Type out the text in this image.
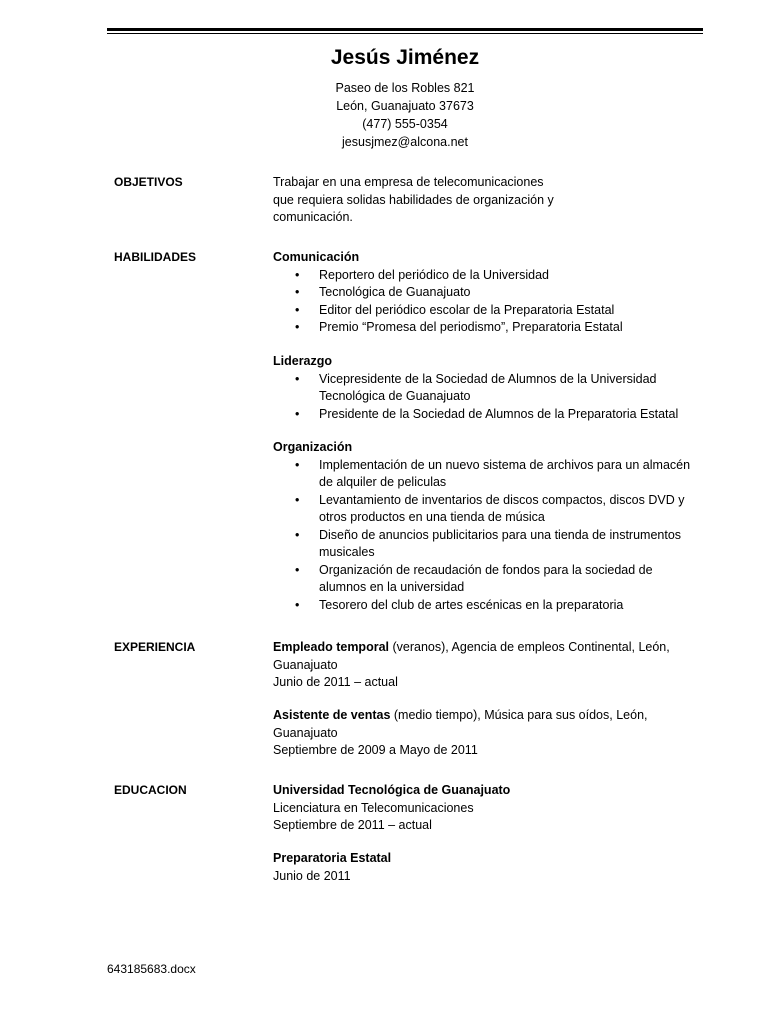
Jesús Jiménez
Paseo de los Robles 821
León, Guanajuato 37673
(477) 555-0354
jesusjmez@alcona.net
OBJETIVOS	Trabajar en una empresa de telecomunicaciones
que requiera solidas habilidades de organización y
comunicación.
HABILIDADES	Comunicación
• Reportero del periódico de la Universidad
• Tecnológica de Guanajuato
• Editor del periódico escolar de la Preparatoria Estatal
• Premio “Promesa del periodismo”, Preparatoria Estatal
Liderazgo
• Vicepresidente de la Sociedad de Alumnos de la Universidad
Tecnológica de Guanajuato
• Presidente de la Sociedad de Alumnos de la Preparatoria Estatal
Organización
• Implementación de un nuevo sistema de archivos para un almacén
de alquiler de peliculas
• Levantamiento de inventarios de discos compactos, discos DVD y
otros productos en una tienda de música
• Diseño de anuncios publicitarios para una tienda de instrumentos
musicales
• Organización de recaudación de fondos para la sociedad de
alumnos en la universidad
• Tesorero del club de artes escénicas en la preparatoria
EXPERIENCIA	Empleado temporal (veranos), Agencia de empleos Continental, León,
Guanajuato
Junio de 2011 – actual
Asistente de ventas (medio tiempo), Música para sus oídos, León,
Guanajuato
Septiembre de 2009 a Mayo de 2011
EDUCACION	Universidad Tecnológica de Guanajuato
Licenciatura en Telecomunicaciones
Septiembre de 2011 – actual
Preparatoria Estatal
Junio de 2011
643185683.docx
